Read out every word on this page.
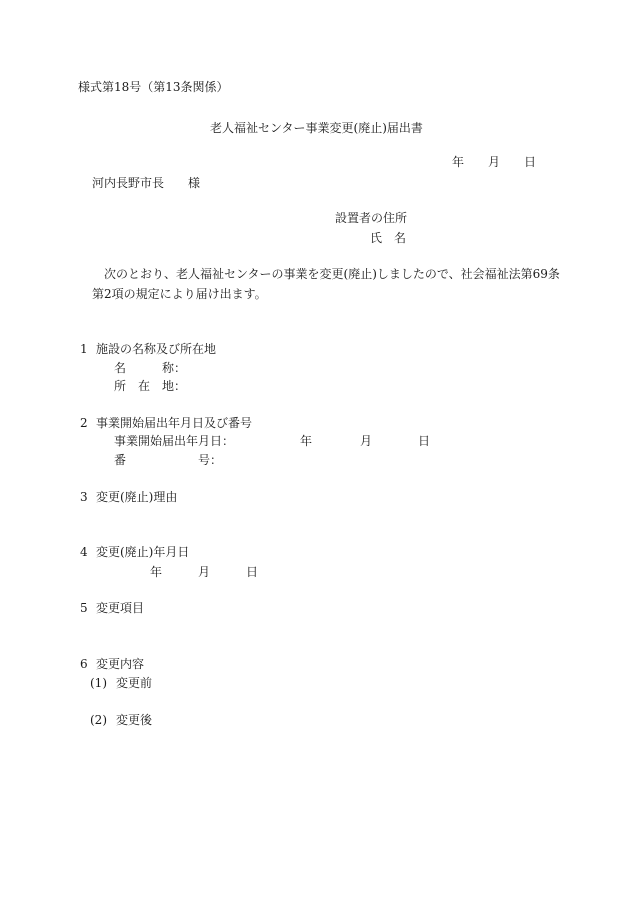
様式第18号（第13条関係）
老人福祉センター事業変更(廃止)届出書
年　　月　　日
河内長野市長　　様
設置者の住所
氏　名
次のとおり、老人福祉センターの事業を変更(廃止)しましたので、社会福祉法第69条
第2項の規定により届け出ます。
1 施設の名称及び所在地
名　　　称：
所　在　地：
2 事業開始届出年月日及び番号
事業開始届出年月日：	年	月	日
番　　　　　　号：
3 変更(廃止)理由
4 変更(廃止)年月日
年　　　月　　　日
5 変更項目
6 変更内容
(1) 変更前
(2) 変更後
